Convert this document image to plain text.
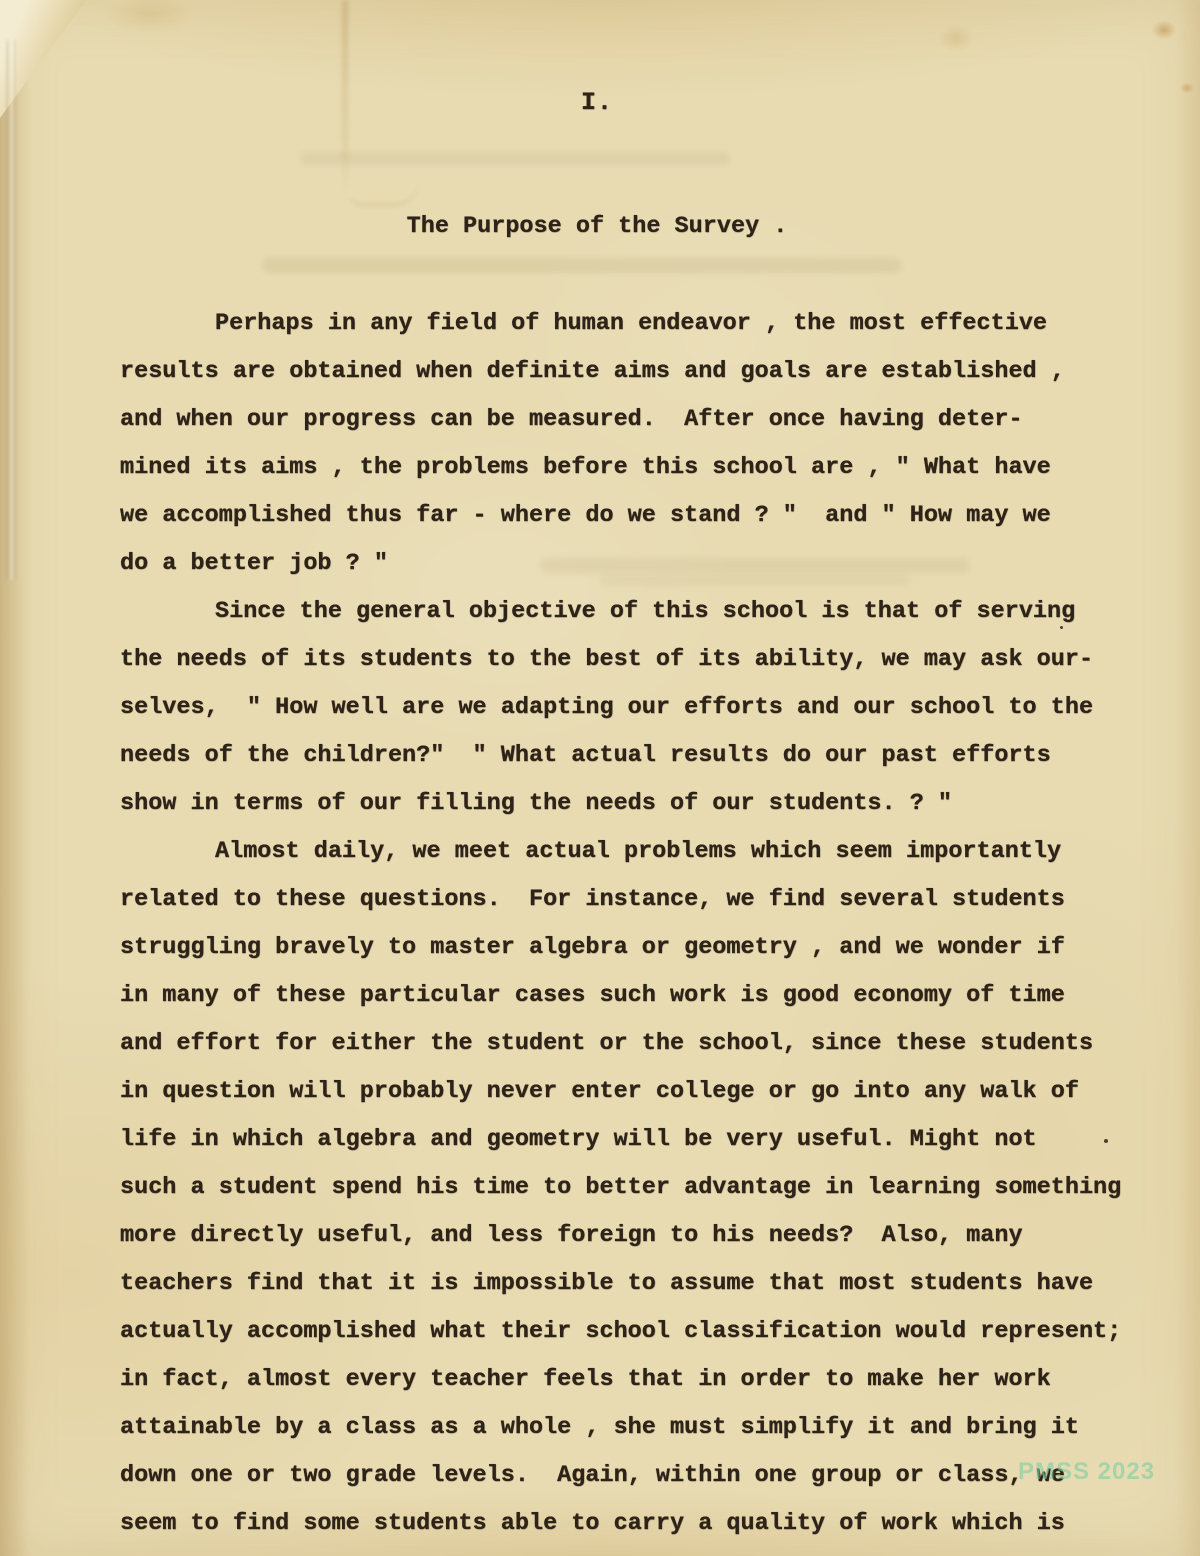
I.
The Purpose of the Survey .
Perhaps in any field of human endeavor , the most effective
results are obtained when definite aims and goals are established ,
and when our progress can be measured.  After once having deter-
mined its aims , the problems before this school are , " What have
we accomplished thus far - where do we stand ? "  and " How may we
do a better job ? "
Since the general objective of this school is that of serving
the needs of its students to the best of its ability, we may ask our-
selves,  " How well are we adapting our efforts and our school to the
needs of the children?"  " What actual results do our past efforts
show in terms of our filling the needs of our students. ? "
Almost daily, we meet actual problems which seem importantly
related to these questions.  For instance, we find several students
struggling bravely to master algebra or geometry , and we wonder if
in many of these particular cases such work is good economy of time
and effort for either the student or the school, since these students
in question will probably never enter college or go into any walk of
life in which algebra and geometry will be very useful. Might not
such a student spend his time to better advantage in learning something
more directly useful, and less foreign to his needs?  Also, many
teachers find that it is impossible to assume that most students have
actually accomplished what their school classification would represent;
in fact, almost every teacher feels that in order to make her work
attainable by a class as a whole , she must simplify it and bring it
down one or two grade levels.  Again, within one group or class, we
seem to find some students able to carry a quality of work which is
PMSS 2023
